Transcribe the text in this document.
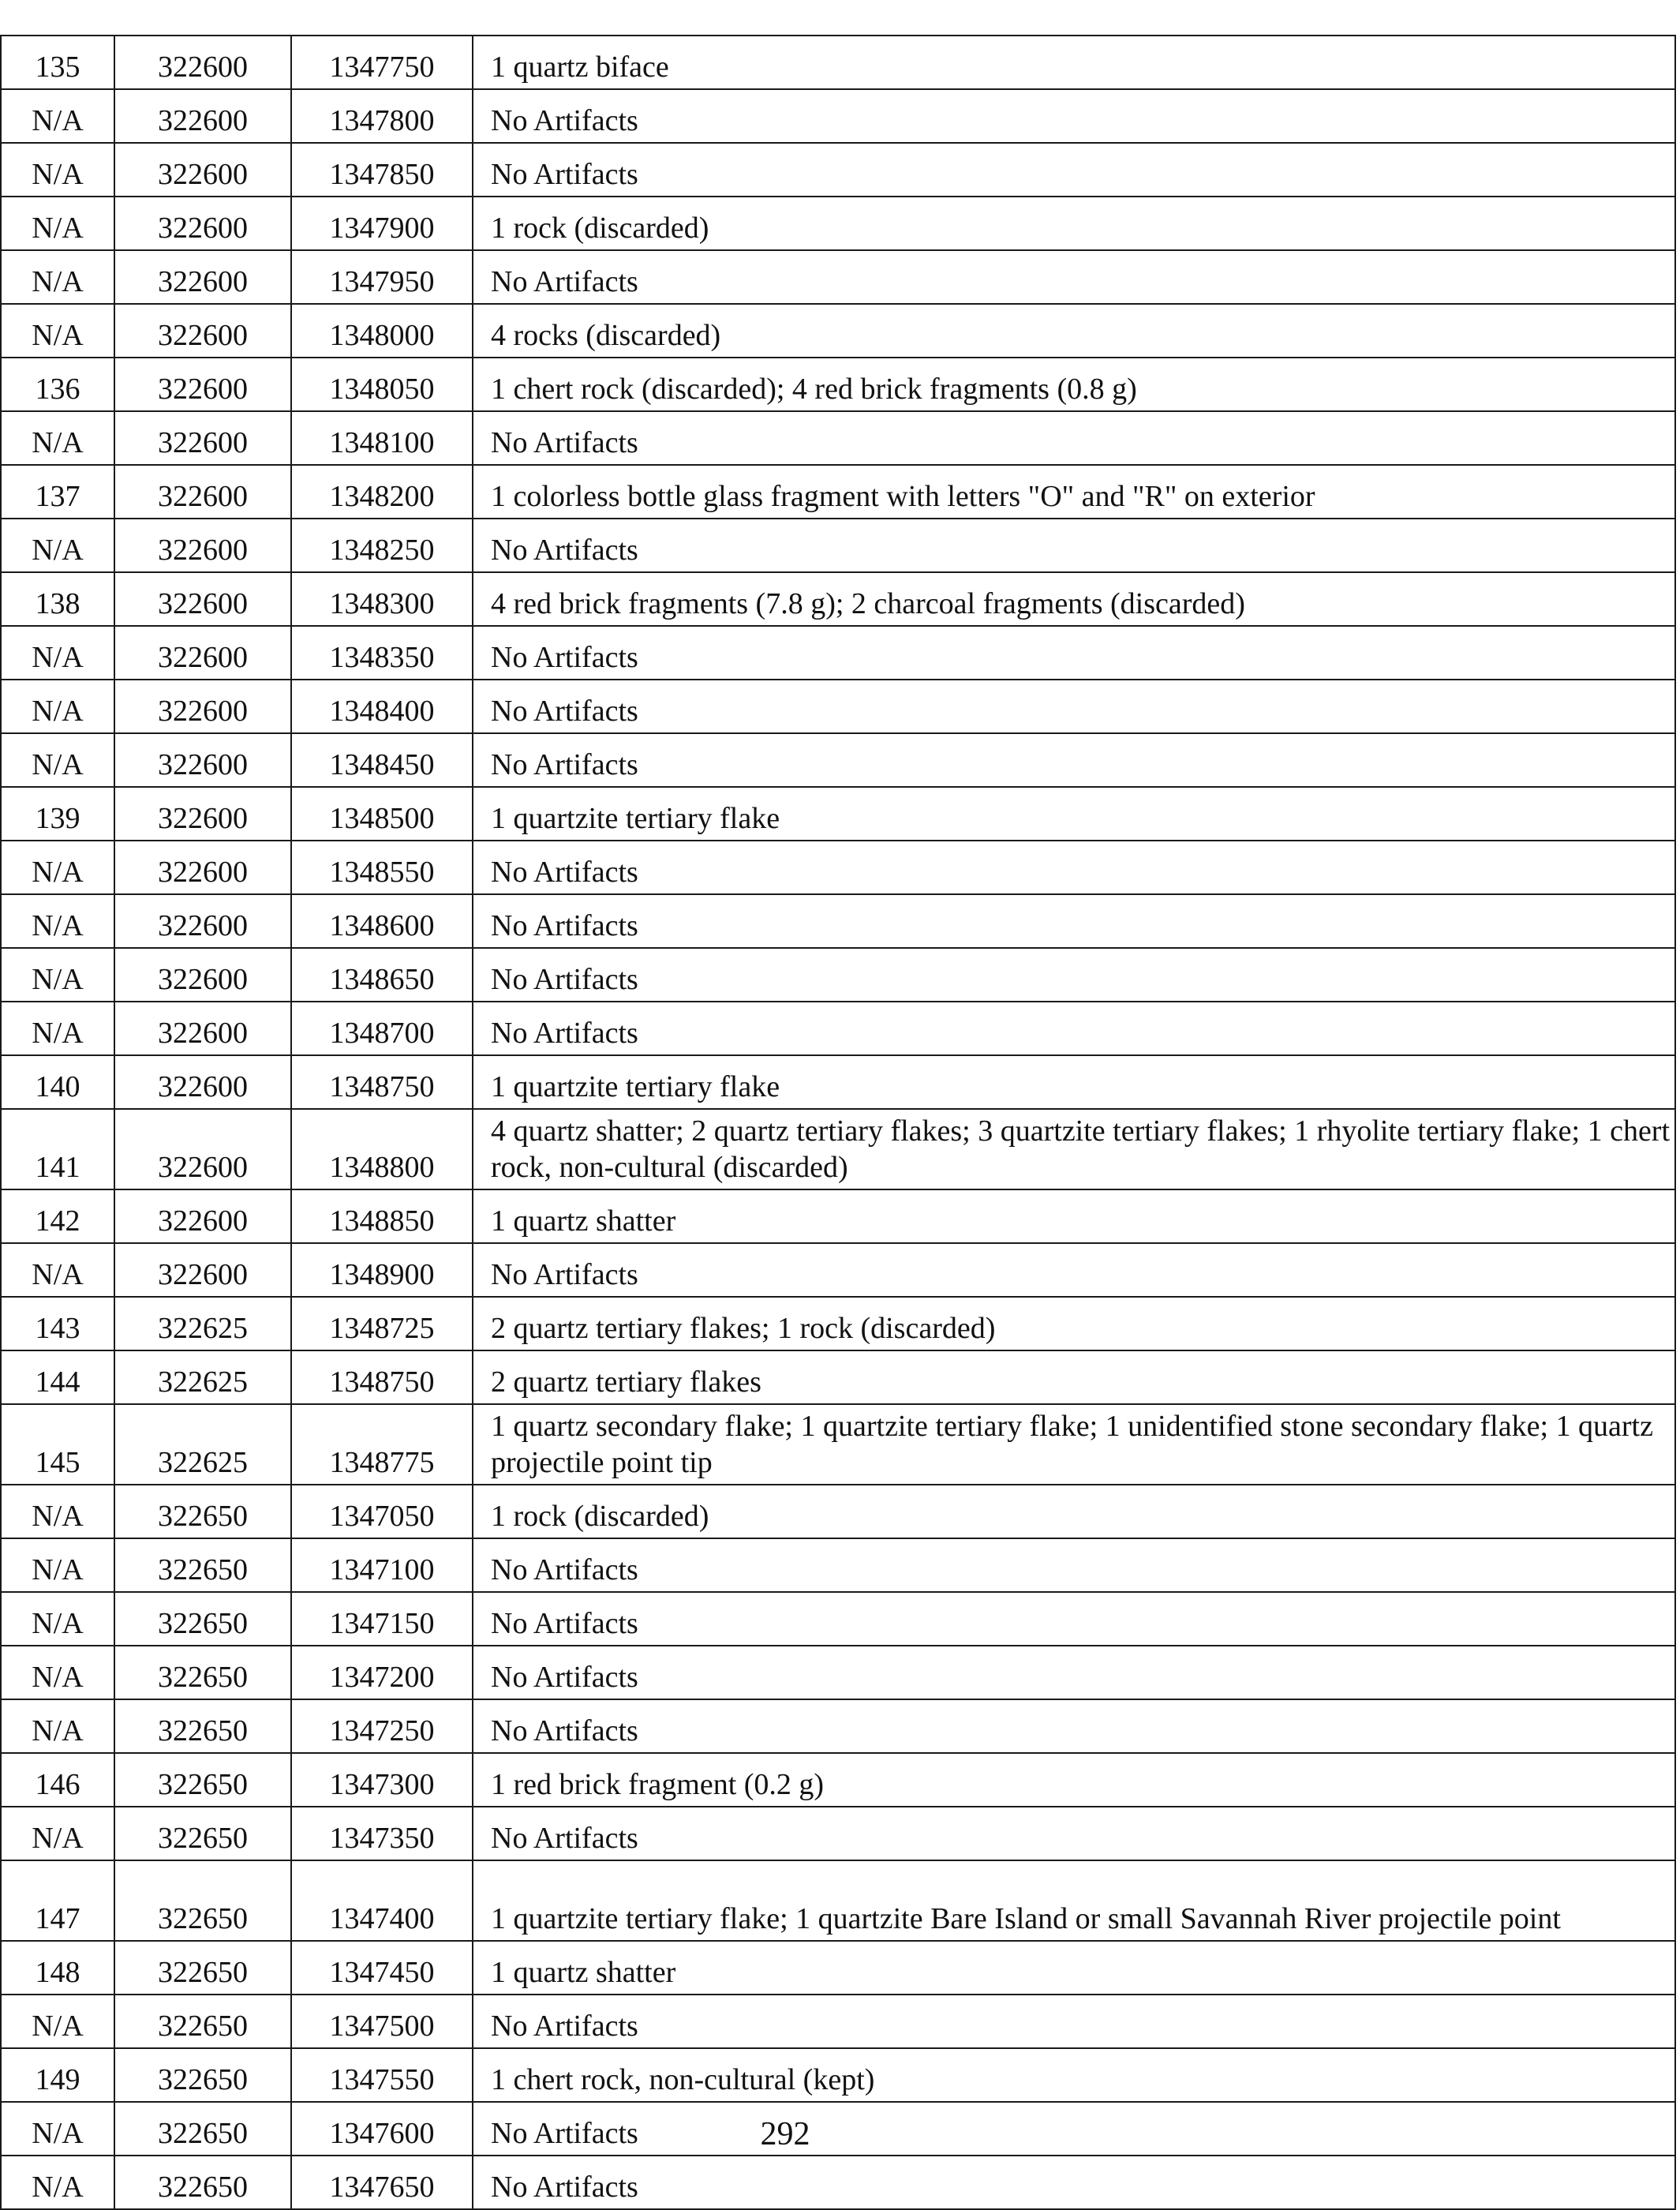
135	322600	1347750	1 quartz biface
N/A	322600	1347800	No Artifacts
N/A	322600	1347850	No Artifacts
N/A	322600	1347900	1 rock (discarded)
N/A	322600	1347950	No Artifacts
N/A	322600	1348000	4 rocks (discarded)
136	322600	1348050	1 chert rock (discarded); 4 red brick fragments (0.8 g)
N/A	322600	1348100	No Artifacts
137	322600	1348200	1 colorless bottle glass fragment with letters "O" and "R" on exterior
N/A	322600	1348250	No Artifacts
138	322600	1348300	4 red brick fragments (7.8 g); 2 charcoal fragments (discarded)
N/A	322600	1348350	No Artifacts
N/A	322600	1348400	No Artifacts
N/A	322600	1348450	No Artifacts
139	322600	1348500	1 quartzite tertiary flake
N/A	322600	1348550	No Artifacts
N/A	322600	1348600	No Artifacts
N/A	322600	1348650	No Artifacts
N/A	322600	1348700	No Artifacts
140	322600	1348750	1 quartzite tertiary flake
141	322600	1348800	4 quartz shatter; 2 quartz tertiary flakes; 3 quartzite tertiary flakes; 1 rhyolite tertiary flake; 1 chert rock, non-cultural (discarded)
142	322600	1348850	1 quartz shatter
N/A	322600	1348900	No Artifacts
143	322625	1348725	2 quartz tertiary flakes; 1 rock (discarded)
144	322625	1348750	2 quartz tertiary flakes
145	322625	1348775	1 quartz secondary flake; 1 quartzite tertiary flake; 1 unidentified stone secondary flake; 1 quartz projectile point tip
N/A	322650	1347050	1 rock (discarded)
N/A	322650	1347100	No Artifacts
N/A	322650	1347150	No Artifacts
N/A	322650	1347200	No Artifacts
N/A	322650	1347250	No Artifacts
146	322650	1347300	1 red brick fragment (0.2 g)
N/A	322650	1347350	No Artifacts
147	322650	1347400	1 quartzite tertiary flake; 1 quartzite Bare Island or small Savannah River projectile point
148	322650	1347450	1 quartz shatter
N/A	322650	1347500	No Artifacts
149	322650	1347550	1 chert rock, non-cultural (kept)
N/A	322650	1347600	No Artifacts
N/A	322650	1347650	No Artifacts
292
